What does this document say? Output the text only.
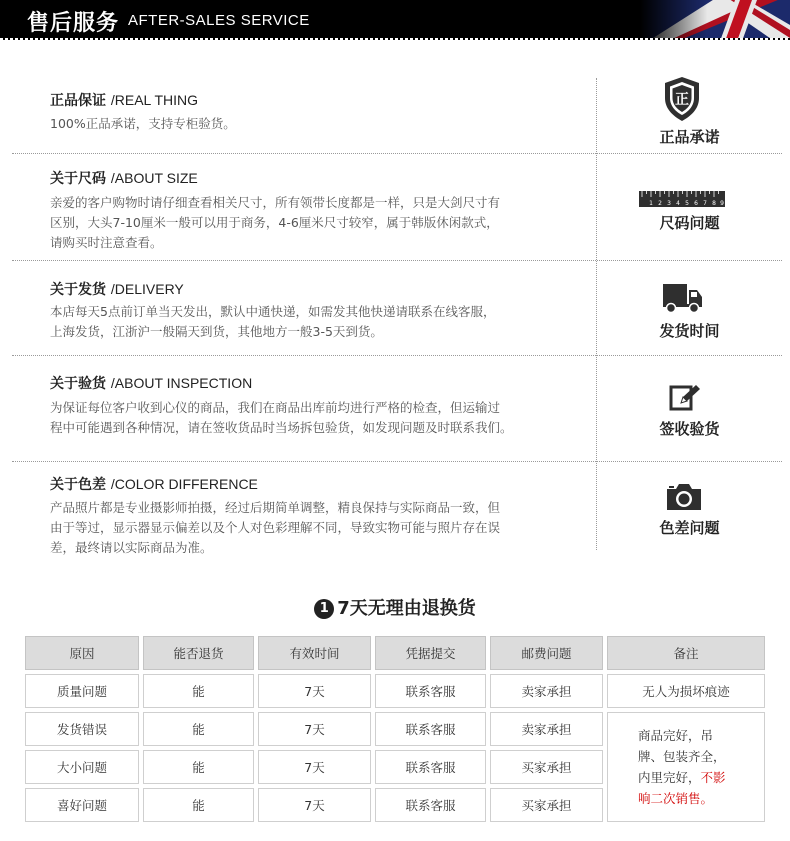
售后服务 AFTER-SALES SERVICE
正品保证 /REAL THING
100%正品承诺，支持专柜验货。
正
正品承诺
关于尺码 /ABOUT SIZE
亲爱的客户购物时请仔细查看相关尺寸，所有领带长度都是一样，只是大剑尺寸有
区别，大头7-10厘米一般可以用于商务，4-6厘米尺寸较窄，属于韩版休闲款式，
请购买时注意查看。
1 2 3 4 5 6 7 8 9
尺码问题
关于发货 /DELIVERY
本店每天5点前订单当天发出，默认中通快递，如需发其他快递请联系在线客服，
上海发货，江浙沪一般隔天到货，其他地方一般3-5天到货。	发货时间
关于验货 /ABOUT INSPECTION
为保证每位客户收到心仪的商品，我们在商品出库前均进行严格的检查，但运输过
程中可能遇到各种情况，请在签收货品时当场拆包验货，如发现问题及时联系我们。	签收验货
关于色差 /COLOR DIFFERENCE
产品照片都是专业摄影师拍摄，经过后期简单调整，精良保持与实际商品一致，但
由于等过，显示器显示偏差以及个人对色彩理解不同，导致实物可能与照片存在误
差，最终请以实际商品为准。
色差问题
1 7天无理由退换货
原因	能否退货	有效时间	凭据提交	邮费问题	备注
质量问题	能	7天	联系客服	卖家承担	无人为损坏痕迹
发货错误	能	7天	联系客服	卖家承担
大小问题	能	7天	联系客服	买家承担
喜好问题	能	7天	联系客服	买家承担
商品完好，吊牌、包装齐全，内里完好，不影响二次销售。
